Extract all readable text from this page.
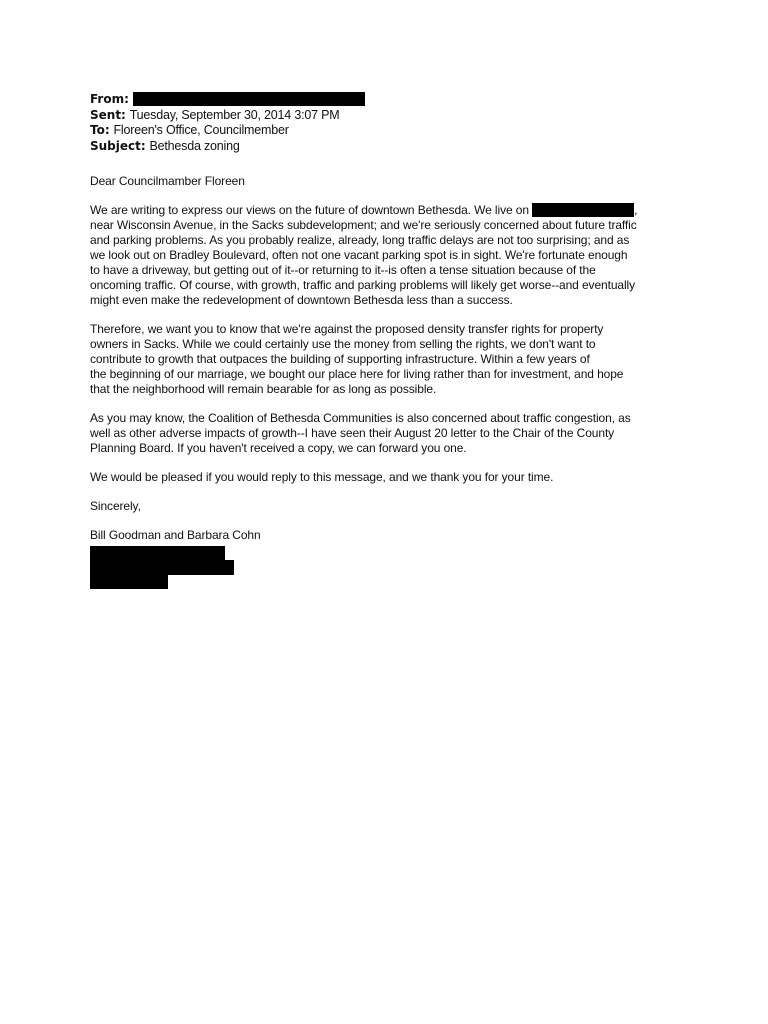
From:
Sent: Tuesday, September 30, 2014 3:07 PM
To: Floreen's Office, Councilmember
Subject: Bethesda zoning

Dear Councilmamber Floreen

We are writing to express our views on the future of downtown Bethesda. We live on	,
near Wisconsin Avenue, in the Sacks subdevelopment; and we're seriously concerned about future traffic
and parking problems. As you probably realize, already, long traffic delays are not too surprising; and as
we look out on Bradley Boulevard, often not one vacant parking spot is in sight. We're fortunate enough
to have a driveway, but getting out of it--or returning to it--is often a tense situation because of the
oncoming traffic. Of course, with growth, traffic and parking problems will likely get worse--and eventually
might even make the redevelopment of downtown Bethesda less than a success.

Therefore, we want you to know that we're against the proposed density transfer rights for property
owners in Sacks. While we could certainly use the money from selling the rights, we don't want to
contribute to growth that outpaces the building of supporting infrastructure. Within a few years of
the beginning of our marriage, we bought our place here for living rather than for investment, and hope
that the neighborhood will remain bearable for as long as possible.

As you may know, the Coalition of Bethesda Communities is also concerned about traffic congestion, as
well as other adverse impacts of growth--I have seen their August 20 letter to the Chair of the County
Planning Board. If you haven't received a copy, we can forward you one.

We would be pleased if you would reply to this message, and we thank you for your time.

Sincerely,

Bill Goodman and Barbara Cohn
